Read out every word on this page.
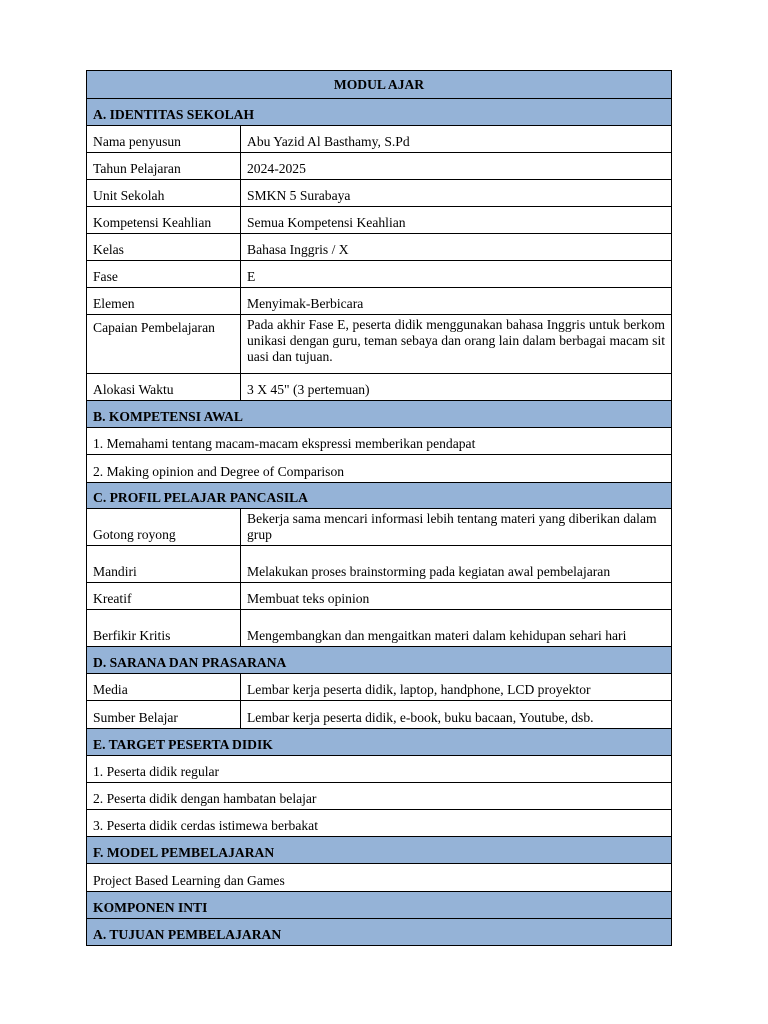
MODUL AJAR	
A. IDENTITAS SEKOLAH	
Nama penyusun	Abu Yazid Al Basthamy, S.Pd
Tahun Pelajaran	2024-2025
Unit Sekolah	SMKN 5 Surabaya
Kompetensi Keahlian	Semua Kompetensi Keahlian
Kelas	Bahasa Inggris / X
Fase	E
Elemen	Menyimak-Berbicara
Capaian Pembelajaran	Pada akhir Fase E, peserta didik menggunakan bahasa Inggris untuk berkomunikasi dengan guru, teman sebaya dan orang lain dalam berbagai macam situasi dan tujuan.
Alokasi Waktu	3 X 45" (3 pertemuan)
B. KOMPETENSI AWAL	
1. Memahami tentang macam-macam ekspressi memberikan pendapat	
2. Making opinion and Degree of Comparison	
C. PROFIL PELAJAR PANCASILA	
Gotong royong	Bekerja sama mencari informasi lebih tentang materi yang diberikan dalam grup
Mandiri	Melakukan proses brainstorming pada kegiatan awal pembelajaran
Kreatif	Membuat teks opinion
Berfikir Kritis	Mengembangkan dan mengaitkan materi dalam kehidupan sehari hari
D. SARANA DAN PRASARANA	
Media	Lembar kerja peserta didik, laptop, handphone, LCD proyektor
Sumber Belajar	Lembar kerja peserta didik, e-book, buku bacaan, Youtube, dsb.
E. TARGET PESERTA DIDIK	
1. Peserta didik regular	
2. Peserta didik dengan hambatan belajar	
3. Peserta didik cerdas istimewa berbakat	
F. MODEL PEMBELAJARAN	
Project Based Learning dan Games	
KOMPONEN INTI	
A. TUJUAN PEMBELAJARAN	
